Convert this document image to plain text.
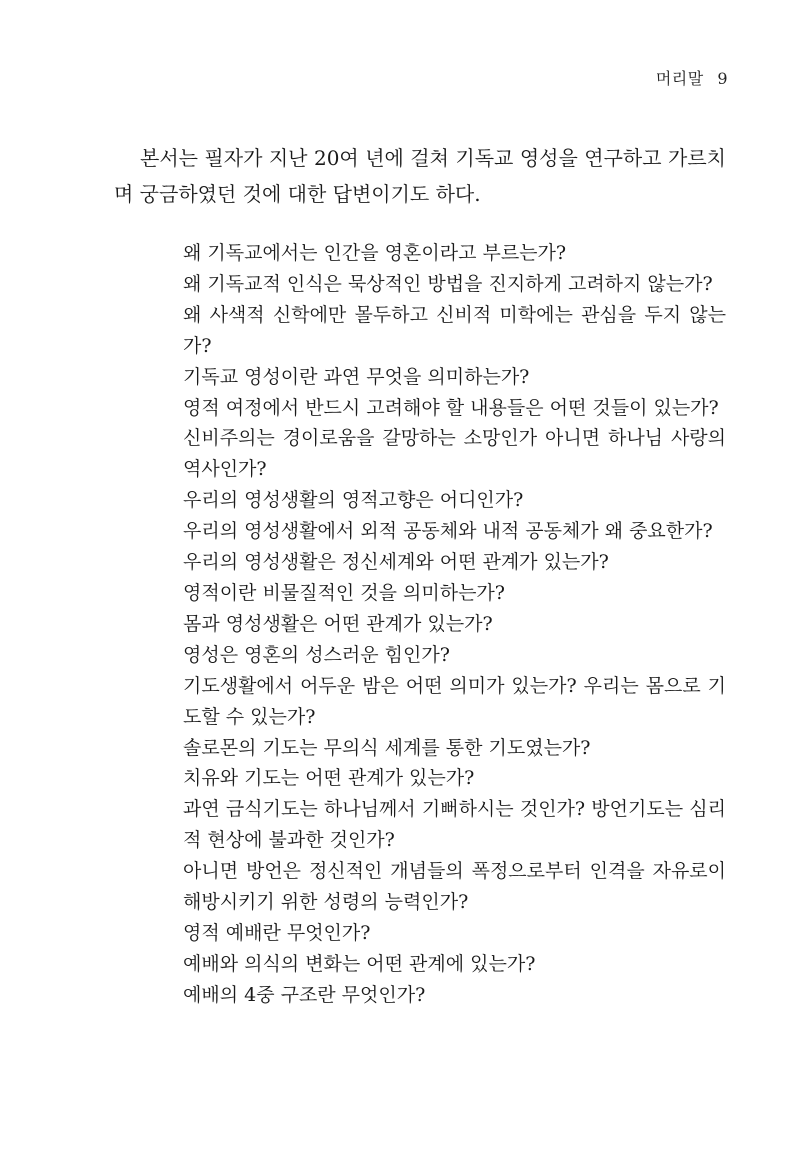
머리말 9

본서는 필자가 지난 20여 년에 걸쳐 기독교 영성을 연구하고 가르치며 궁금하였던 것에 대한 답변이기도 하다.

왜 기독교에서는 인간을 영혼이라고 부르는가?
왜 기독교적 인식은 묵상적인 방법을 진지하게 고려하지 않는가?
왜 사색적 신학에만 몰두하고 신비적 미학에는 관심을 두지 않는가?
기독교 영성이란 과연 무엇을 의미하는가?
영적 여정에서 반드시 고려해야 할 내용들은 어떤 것들이 있는가?
신비주의는 경이로움을 갈망하는 소망인가 아니면 하나님 사랑의 역사인가?
우리의 영성생활의 영적고향은 어디인가?
우리의 영성생활에서 외적 공동체와 내적 공동체가 왜 중요한가?
우리의 영성생활은 정신세계와 어떤 관계가 있는가?
영적이란 비물질적인 것을 의미하는가?
몸과 영성생활은 어떤 관계가 있는가?
영성은 영혼의 성스러운 힘인가?
기도생활에서 어두운 밤은 어떤 의미가 있는가? 우리는 몸으로 기도할 수 있는가?
솔로몬의 기도는 무의식 세계를 통한 기도였는가?
치유와 기도는 어떤 관계가 있는가?
과연 금식기도는 하나님께서 기뻐하시는 것인가? 방언기도는 심리적 현상에 불과한 것인가?
아니면 방언은 정신적인 개념들의 폭정으로부터 인격을 자유로이 해방시키기 위한 성령의 능력인가?
영적 예배란 무엇인가?
예배와 의식의 변화는 어떤 관계에 있는가?
예배의 4중 구조란 무엇인가?
